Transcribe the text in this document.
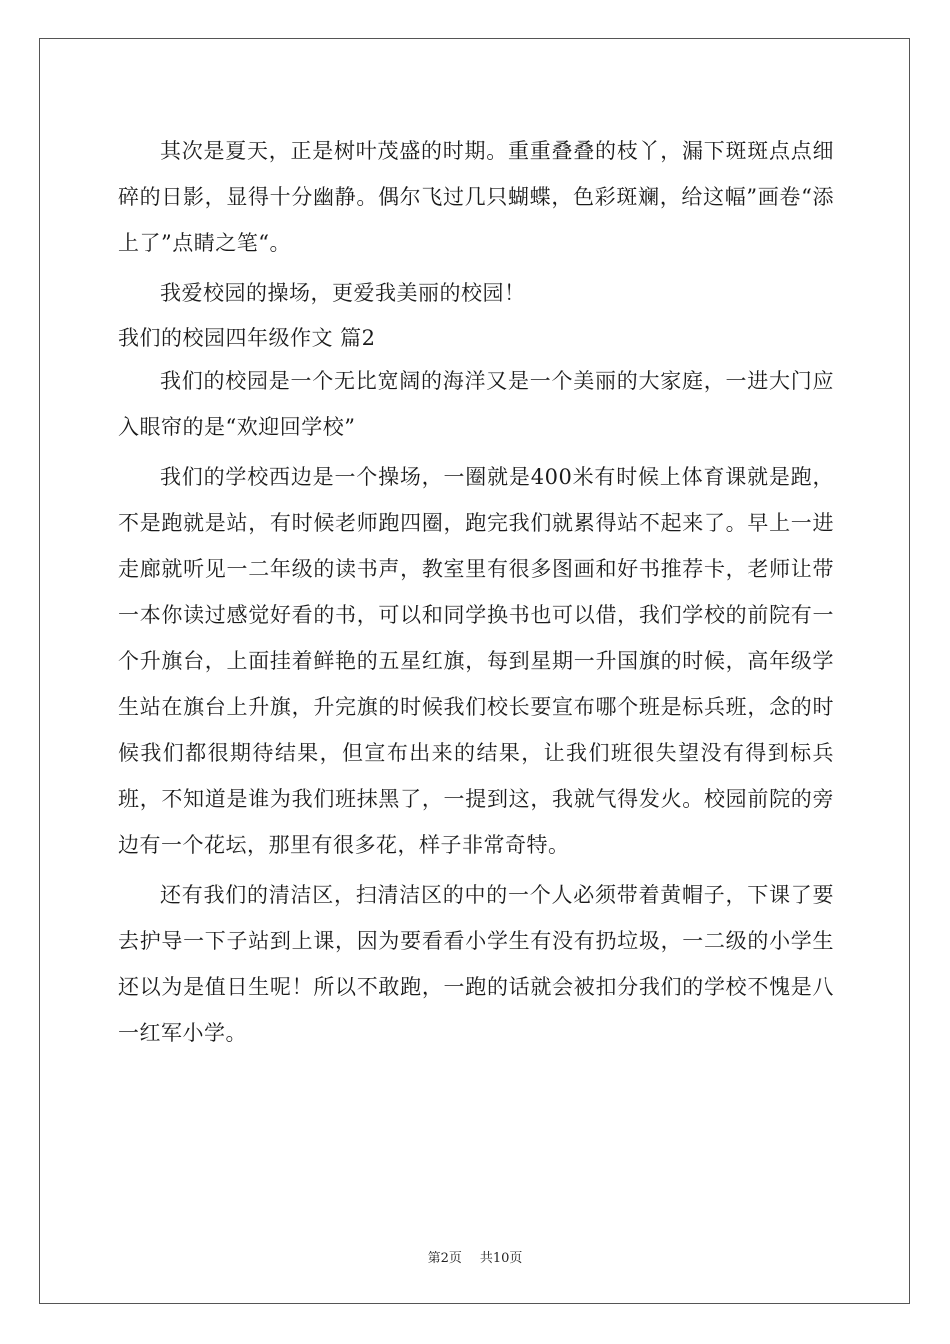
其次是夏天，正是树叶茂盛的时期。重重叠叠的枝丫，漏下斑斑点点细碎的日影，显得十分幽静。偶尔飞过几只蝴蝶，色彩斑斓，给这幅”画卷“添上了”点睛之笔“。

我爱校园的操场，更爱我美丽的校园！

我们的校园四年级作文 篇2

我们的校园是一个无比宽阔的海洋又是一个美丽的大家庭，一进大门应入眼帘的是“欢迎回学校”

我们的学校西边是一个操场，一圈就是400米有时候上体育课就是跑，不是跑就是站，有时候老师跑四圈，跑完我们就累得站不起来了。早上一进走廊就听见一二年级的读书声，教室里有很多图画和好书推荐卡，老师让带一本你读过感觉好看的书，可以和同学换书也可以借，我们学校的前院有一个升旗台，上面挂着鲜艳的五星红旗，每到星期一升国旗的时候，高年级学生站在旗台上升旗，升完旗的时候我们校长要宣布哪个班是标兵班，念的时候我们都很期待结果，但宣布出来的结果，让我们班很失望没有得到标兵班，不知道是谁为我们班抹黑了，一提到这，我就气得发火。校园前院的旁边有一个花坛，那里有很多花，样子非常奇特。

还有我们的清洁区，扫清洁区的中的一个人必须带着黄帽子，下课了要去护导一下子站到上课，因为要看看小学生有没有扔垃圾，一二级的小学生还以为是值日生呢！所以不敢跑，一跑的话就会被扣分我们的学校不愧是八一红军小学。

第2页 共10页
